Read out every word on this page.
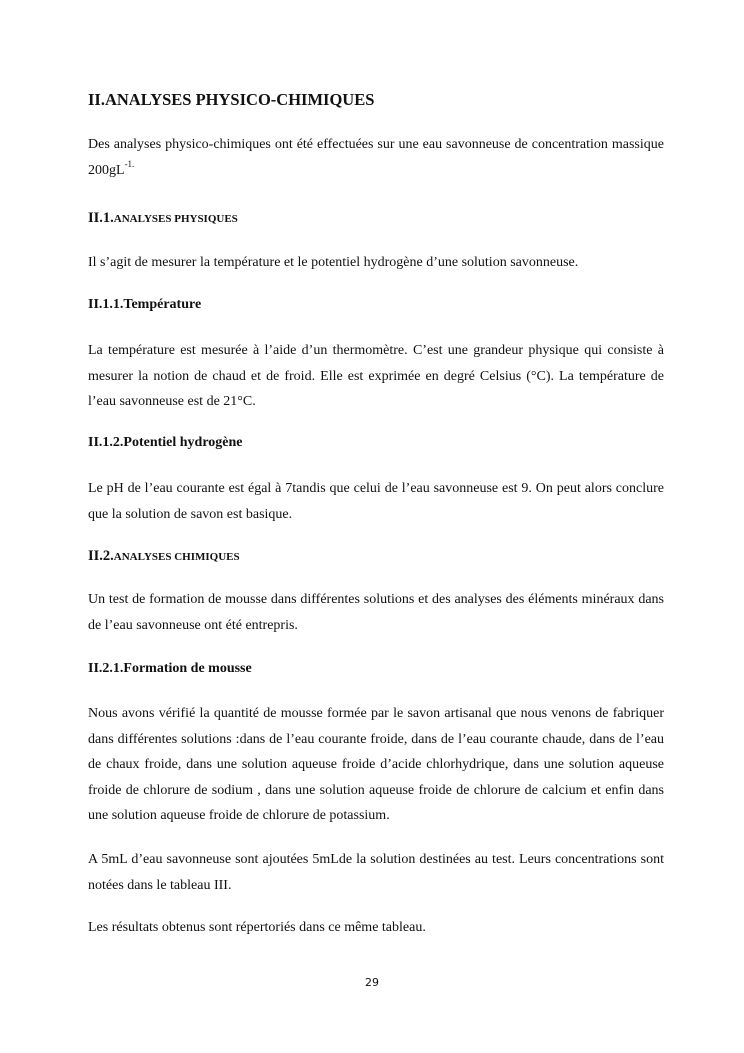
II.ANALYSES PHYSICO-CHIMIQUES

Des analyses physico-chimiques ont été effectuées sur une eau savonneuse de concentration massique $200gL^{-1.}$

II.1.ANALYSES PHYSIQUES

Il s’agit de mesurer la température et le potentiel hydrogène d’une solution savonneuse.

II.1.1.Température

La température est mesurée à l’aide d’un thermomètre. C’est une grandeur physique qui consiste à mesurer la notion de chaud et de froid. Elle est exprimée en degré Celsius (°C). La température de l’eau savonneuse est de 21°C.

II.1.2.Potentiel hydrogène

Le pH de l’eau courante est égal à 7tandis que celui de l’eau savonneuse est 9. On peut alors conclure que la solution de savon est basique.

II.2.ANALYSES CHIMIQUES

Un test de formation de mousse dans différentes solutions et des analyses des éléments minéraux dans de l’eau savonneuse ont été entrepris.

II.2.1.Formation de mousse

Nous avons vérifié la quantité de mousse formée par le savon artisanal que nous venons de fabriquer dans différentes solutions :dans de l’eau courante froide, dans de l’eau courante chaude, dans de l’eau de chaux froide, dans une solution aqueuse froide d’acide chlorhydrique, dans une solution aqueuse froide de chlorure de sodium , dans une solution aqueuse froide de chlorure de calcium et enfin dans une solution aqueuse froide de chlorure de potassium.

A 5mL d’eau savonneuse sont ajoutées 5mLde la solution destinées au test. Leurs concentrations sont notées dans le tableau III.

Les résultats obtenus sont répertoriés dans ce même tableau.

29
